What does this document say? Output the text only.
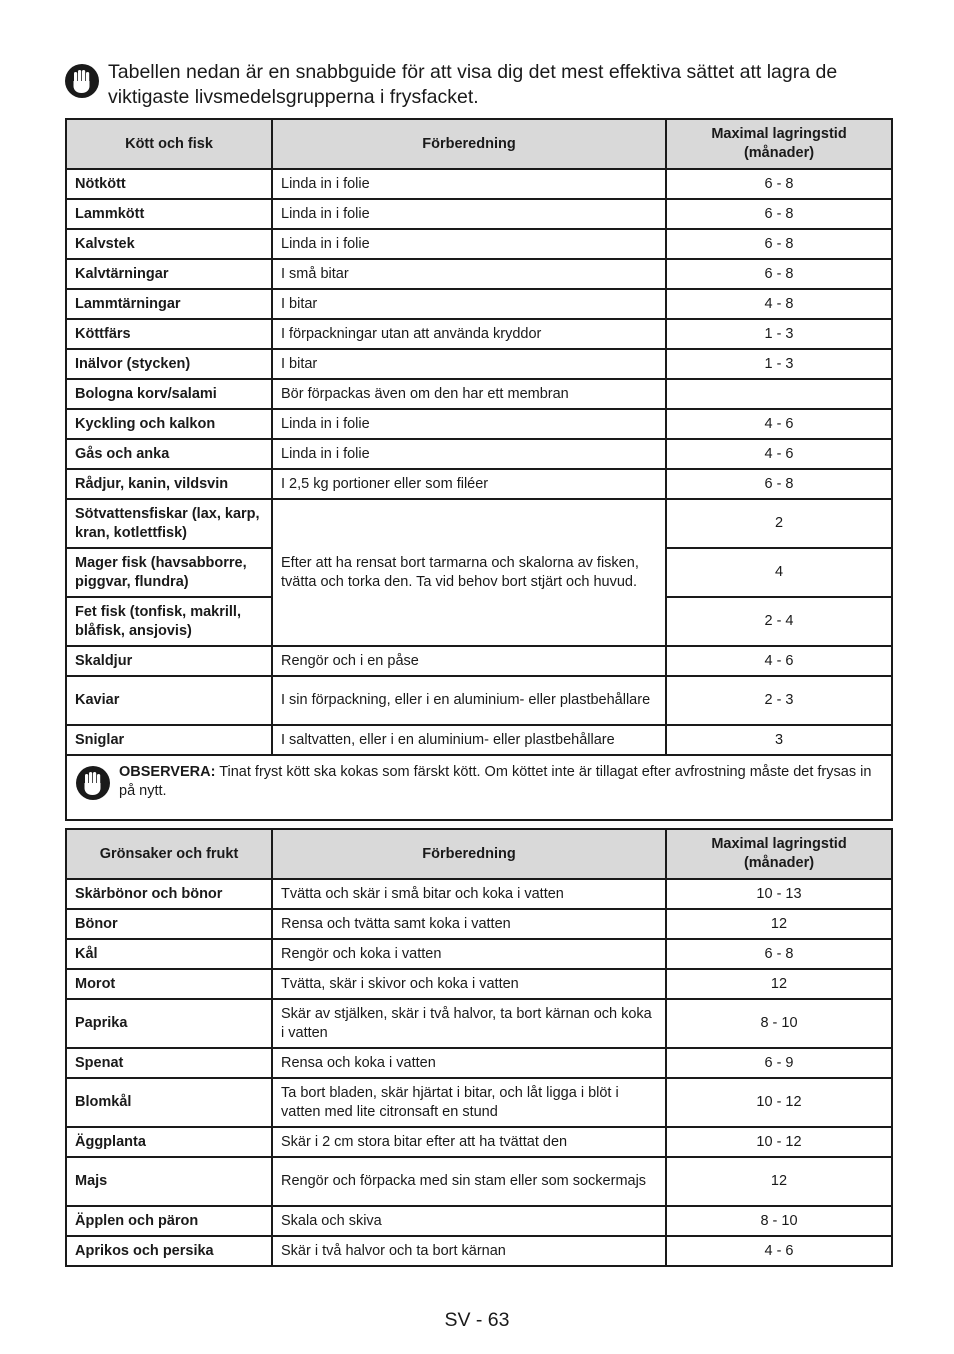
Tabellen nedan är en snabbguide för att visa dig det mest effektiva sättet att lagra de viktigaste livsmedelsgrupperna i frysfacket.
Kött och fisk	Förberedning	Maximal lagringstid (månader)
Nötkött	Linda in i folie	6 - 8
Lammkött	Linda in i folie	6 - 8
Kalvstek	Linda in i folie	6 - 8
Kalvtärningar	I små bitar	6 - 8
Lammtärningar	I bitar	4 - 8
Köttfärs	I förpackningar utan att använda kryddor	1 - 3
Inälvor (stycken)	I bitar	1 - 3
Bologna korv/salami	Bör förpackas även om den har ett membran	
Kyckling och kalkon	Linda in i folie	4 - 6
Gås och anka	Linda in i folie	4 - 6
Rådjur, kanin, vildsvin	I 2,5 kg portioner eller som filéer	6 - 8
Sötvattensfiskar (lax, karp, kran, kotlettfisk)	Efter att ha rensat bort tarmarna och skalorna av fisken, tvätta och torka den. Ta vid behov bort stjärt och huvud.	2
Mager fisk (havsabborre, piggvar, flundra)		4
Fet fisk (tonfisk, makrill, blåfisk, ansjovis)		2 - 4
Skaldjur	Rengör och i en påse	4 - 6
Kaviar	I sin förpackning, eller i en aluminium- eller plastbehållare	2 - 3
Sniglar	I saltvatten, eller i en aluminium- eller plastbehållare	3

OBSERVERA: Tinat fryst kött ska kokas som färskt kött. Om köttet inte är tillagat efter avfrostning måste det frysas in på nytt.		
Grönsaker och frukt	Förberedning	Maximal lagringstid (månader)
Skärbönor och bönor	Tvätta och skär i små bitar och koka i vatten	10 - 13
Bönor	Rensa och tvätta samt koka i vatten	12
Kål	Rengör och koka i vatten	6 - 8
Morot	Tvätta, skär i skivor och koka i vatten	12
Paprika	Skär av stjälken, skär i två halvor, ta bort kärnan och koka i vatten	8 - 10
Spenat	Rensa och koka i vatten	6 - 9
Blomkål	Ta bort bladen, skär hjärtat i bitar, och låt ligga i blöt i vatten med lite citronsaft en stund	10 - 12
Äggplanta	Skär i 2 cm stora bitar efter att ha tvättat den	10 - 12
Majs	Rengör och förpacka med sin stam eller som sockermajs	12
Äpplen och päron	Skala och skiva	8 - 10
Aprikos och persika	Skär i två halvor och ta bort kärnan	4 - 6
SV - 63
